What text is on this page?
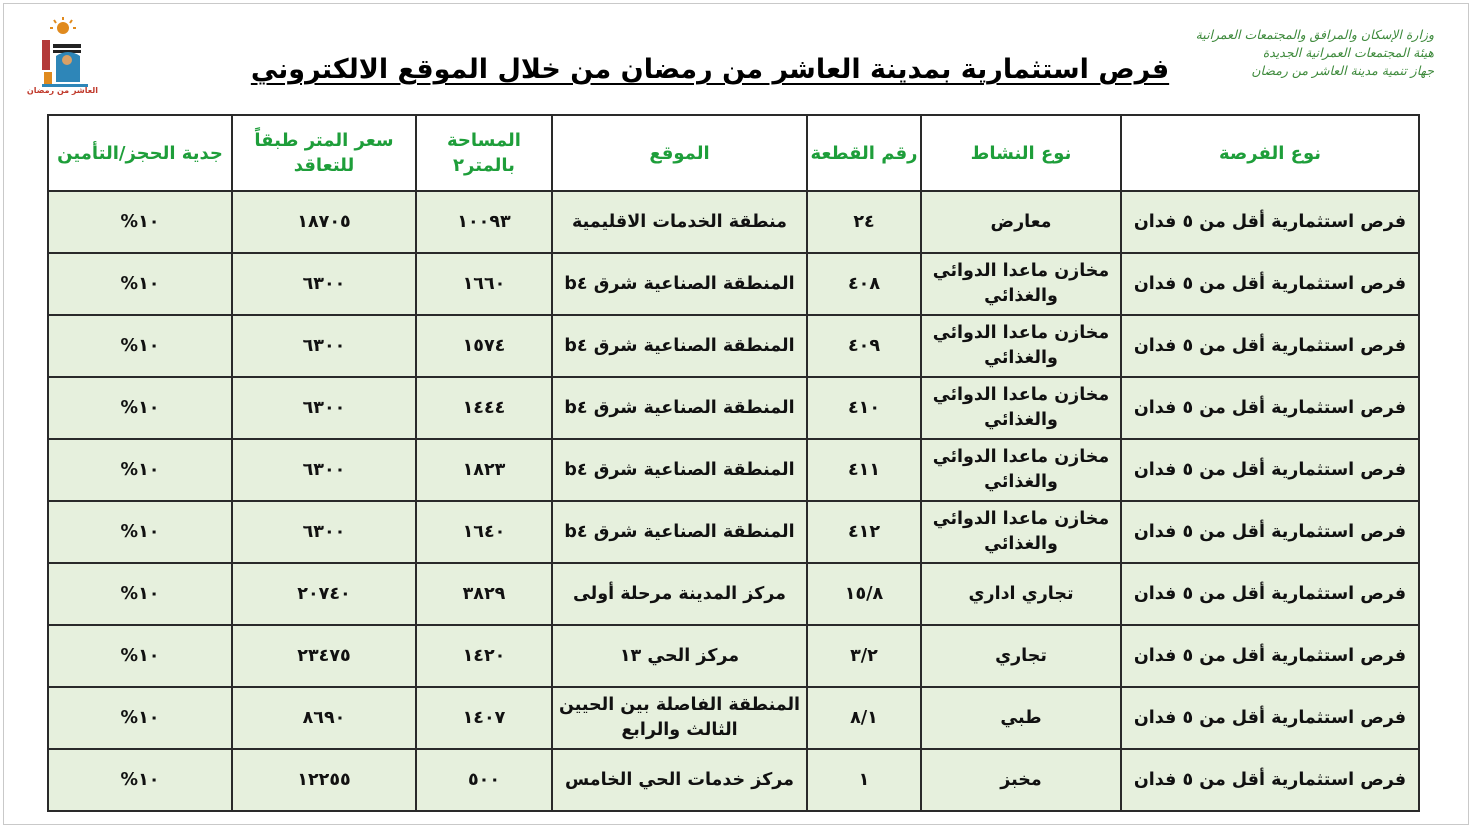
وزارة الإسكان والمرافق والمجتمعات العمرانية
هيئة المجتمعات العمرانية الجديدة
جهاز تنمية مدينة العاشر من رمضان
العاشر من رمضان
فرص استثمارية بمدينة العاشر من رمضان من خلال الموقع الالكتروني
نوع الفرصة	نوع النشاط	رقم القطعة	الموقع	المساحة بالمتر٢	سعر المتر طبقاً للتعاقد	جدية الحجز/التأمين
فرص استثمارية أقل من ٥ فدان	معارض	٢٤	منطقة الخدمات الاقليمية	١٠٠٩٣	١٨٧٠٥	١٠%
فرص استثمارية أقل من ٥ فدان	مخازن ماعدا الدوائي والغذائي	٤٠٨	المنطقة الصناعية شرق b٤	١٦٦٠	٦٣٠٠	١٠%
فرص استثمارية أقل من ٥ فدان	مخازن ماعدا الدوائي والغذائي	٤٠٩	المنطقة الصناعية شرق b٤	١٥٧٤	٦٣٠٠	١٠%
فرص استثمارية أقل من ٥ فدان	مخازن ماعدا الدوائي والغذائي	٤١٠	المنطقة الصناعية شرق b٤	١٤٤٤	٦٣٠٠	١٠%
فرص استثمارية أقل من ٥ فدان	مخازن ماعدا الدوائي والغذائي	٤١١	المنطقة الصناعية شرق b٤	١٨٢٣	٦٣٠٠	١٠%
فرص استثمارية أقل من ٥ فدان	مخازن ماعدا الدوائي والغذائي	٤١٢	المنطقة الصناعية شرق b٤	١٦٤٠	٦٣٠٠	١٠%
فرص استثمارية أقل من ٥ فدان	تجاري اداري	١٥/٨	مركز المدينة مرحلة أولى	٣٨٢٩	٢٠٧٤٠	١٠%
فرص استثمارية أقل من ٥ فدان	تجاري	٣/٢	مركز الحي ١٣	١٤٢٠	٢٣٤٧٥	١٠%
فرص استثمارية أقل من ٥ فدان	طبي	٨/١	المنطقة الفاصلة بين الحيين الثالث والرابع	١٤٠٧	٨٦٩٠	١٠%
فرص استثمارية أقل من ٥ فدان	مخبز	١	مركز خدمات الحي الخامس	٥٠٠	١٢٢٥٥	١٠%
